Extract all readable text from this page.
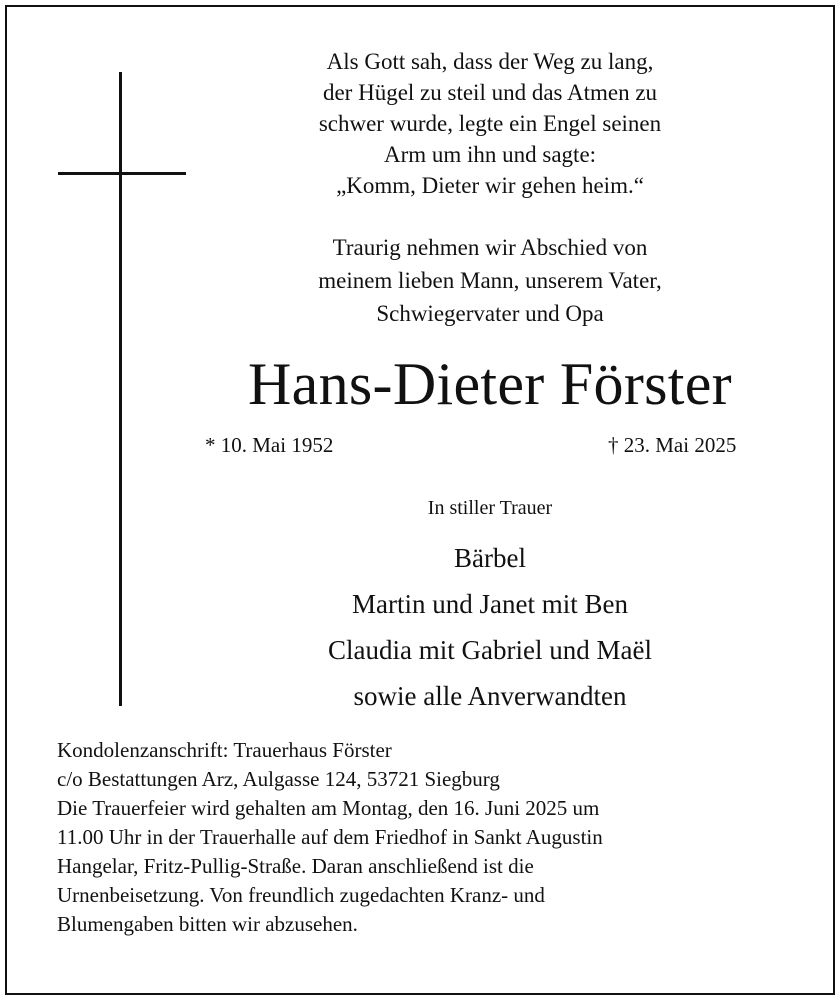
Als Gott sah, dass der Weg zu lang,
der Hügel zu steil und das Atmen zu
schwer wurde, legte ein Engel seinen
Arm um ihn und sagte:
„Komm, Dieter wir gehen heim.“
Traurig nehmen wir Abschied von
meinem lieben Mann, unserem Vater,
Schwiegervater und Opa
Hans-Dieter Förster
* 10. Mai 1952	† 23. Mai 2025
In stiller Trauer
Bärbel
Martin und Janet mit Ben
Claudia mit Gabriel und Maël
sowie alle Anverwandten
Kondolenzanschrift: Trauerhaus Förster
c/o Bestattungen Arz, Aulgasse 124, 53721 Siegburg
Die Trauerfeier wird gehalten am Montag, den 16. Juni 2025 um
11.00 Uhr in der Trauerhalle auf dem Friedhof in Sankt Augustin
Hangelar, Fritz-Pullig-Straße. Daran anschließend ist die
Urnenbeisetzung. Von freundlich zugedachten Kranz- und
Blumengaben bitten wir abzusehen.
